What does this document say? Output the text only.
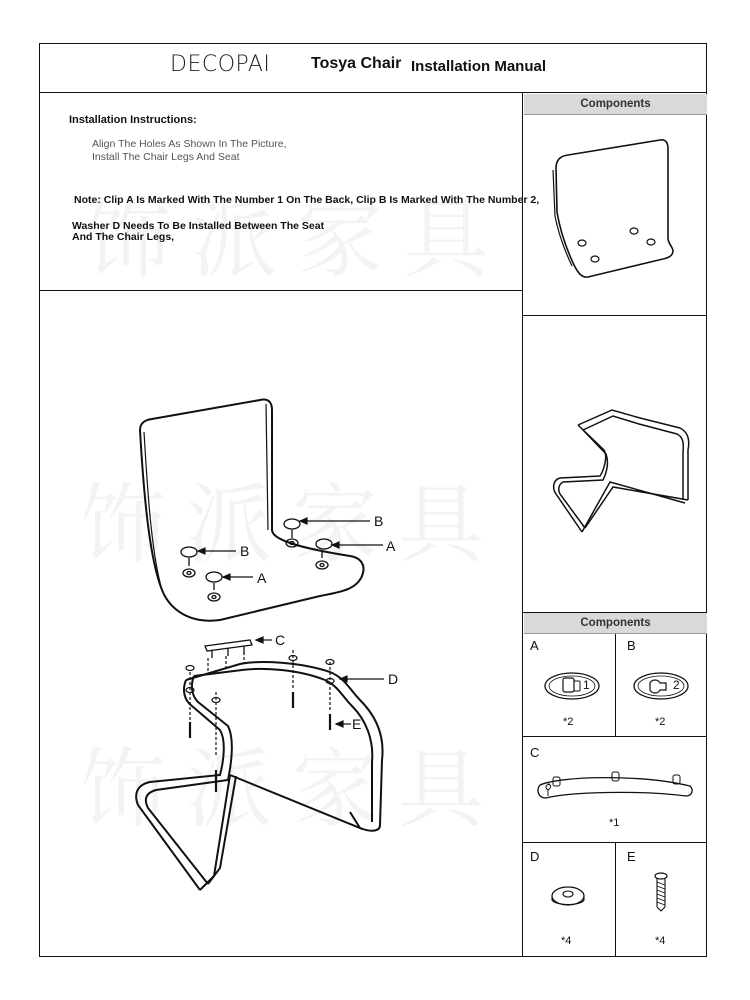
DECOPAI	Tosya Chair Installation Manual
Installation Instructions:
Align The Holes As Shown In The Picture,
Install The Chair Legs And Seat
Note: Clip A Is Marked With The Number 1 On The Back, Clip B Is Marked With The Number 2,
Washer D Needs To Be Installed Between The Seat
And The Chair Legs,
Components
Components
B
A
B
A
C
D
E
A
1
*2
B
2
*2
C
*1
D
*4
E
*4
